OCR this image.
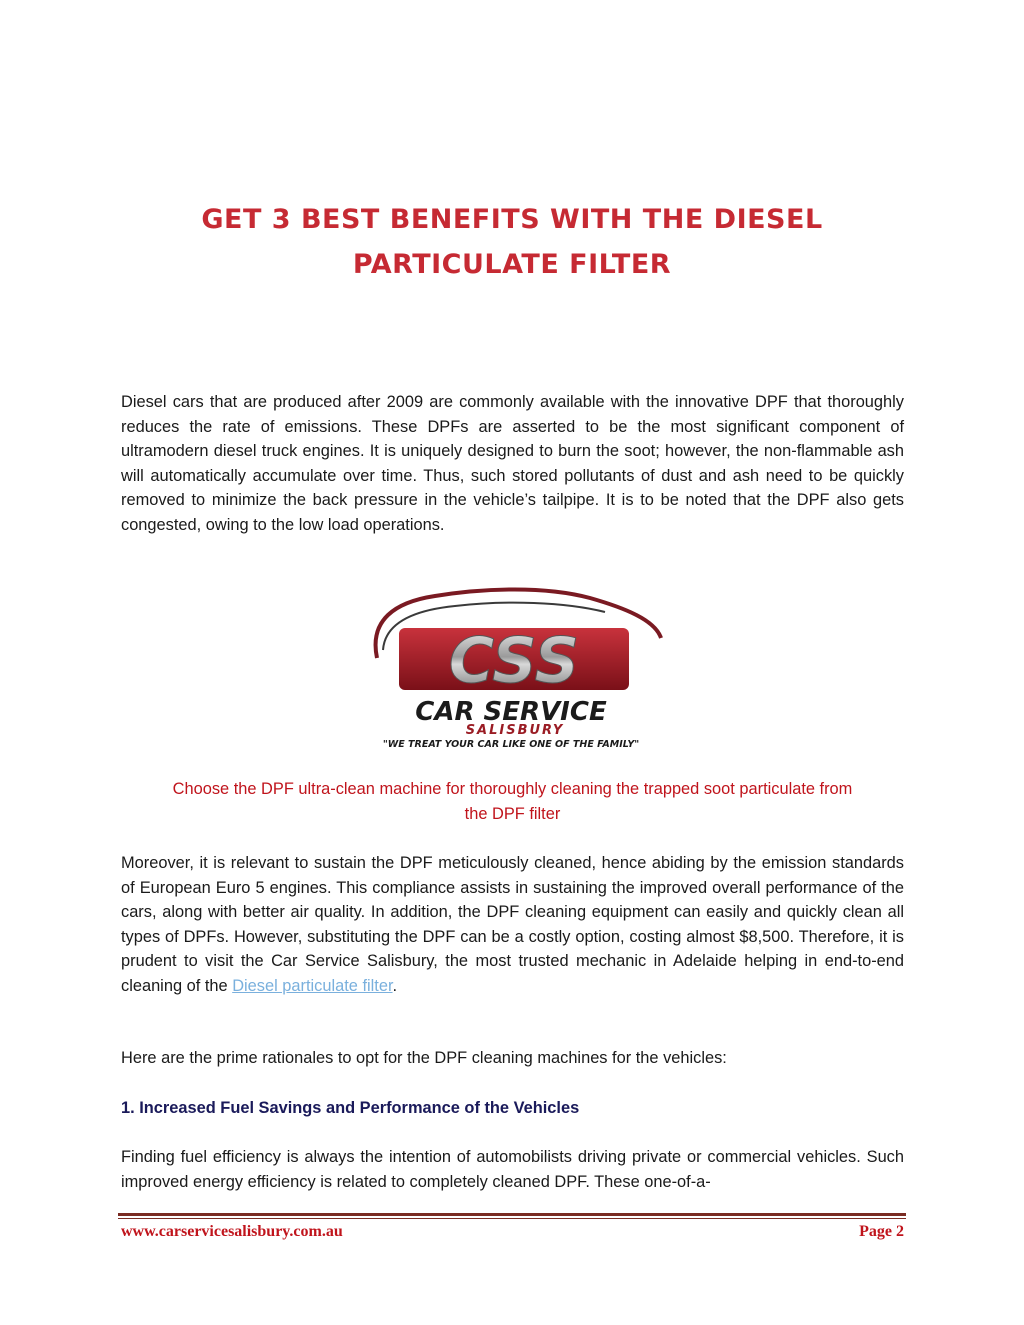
GET 3 BEST BENEFITS WITH THE DIESEL
PARTICULATE FILTER

Diesel cars that are produced after 2009 are commonly available with the innovative DPF that thoroughly reduces the rate of emissions. These DPFs are asserted to be the most significant component of ultramodern diesel truck engines. It is uniquely designed to burn the soot; however, the non-flammable ash will automatically accumulate over time. Thus, such stored pollutants of dust and ash need to be quickly removed to minimize the back pressure in the vehicle’s tailpipe. It is to be noted that the DPF also gets congested, owing to the low load operations.

CSS
CAR SERVICE
SALISBURY
"WE TREAT YOUR CAR LIKE ONE OF THE FAMILY"
Choose the DPF ultra-clean machine for thoroughly cleaning the trapped soot particulate from
the DPF filter

Moreover, it is relevant to sustain the DPF meticulously cleaned, hence abiding by the emission standards of European Euro 5 engines. This compliance assists in sustaining the improved overall performance of the cars, along with better air quality. In addition, the DPF cleaning equipment can easily and quickly clean all types of DPFs. However, substituting the DPF can be a costly option, costing almost $8,500. Therefore, it is prudent to visit the Car Service Salisbury, the most trusted mechanic in Adelaide helping in end-to-end cleaning of the Diesel particulate filter.

Here are the prime rationales to opt for the DPF cleaning machines for the vehicles:

1. Increased Fuel Savings and Performance of the Vehicles

Finding fuel efficiency is always the intention of automobilists driving private or commercial vehicles. Such improved energy efficiency is related to completely cleaned DPF. These one-of-a-

www.carservicesalisbury.com.au	Page 2
